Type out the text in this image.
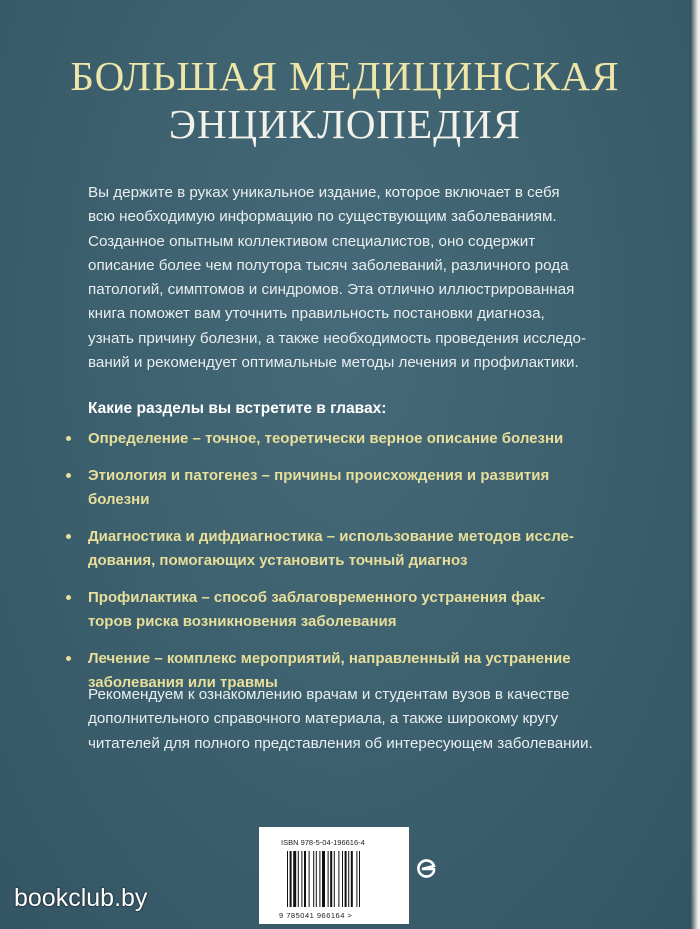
БОЛЬШАЯ МЕДИЦИНСКАЯ
ЭНЦИКЛОПЕДИЯ
Вы держите в руках уникальное издание, которое включает в себя
всю необходимую информацию по существующим заболеваниям.
Созданное опытным коллективом специалистов, оно содержит
описание более чем полутора тысяч заболеваний, различного рода
патологий, симптомов и синдромов. Эта отлично иллюстрированная
книга поможет вам уточнить правильность постановки диагноза,
узнать причину болезни, а также необходимость проведения исследо-
ваний и рекомендует оптимальные методы лечения и профилактики.
Какие разделы вы встретите в главах:
Определение – точное, теоретически верное описание болезни
Этиология и патогенез – причины происхождения и развития
болезни
Диагностика и дифдиагностика – использование методов иссле-
дования, помогающих установить точный диагноз
Профилактика – способ заблаговременного устранения фак-
торов риска возникновения заболевания
Лечение – комплекс мероприятий, направленный на устранение
заболевания или травмы
Рекомендуем к ознакомлению врачам и студентам вузов в качестве
дополнительного справочного материала, а также широкому кругу
читателей для полного представления об интересующем заболевании.
ISBN 978-5-04-196616-4
9 785041 966164 >
bookclub.by
